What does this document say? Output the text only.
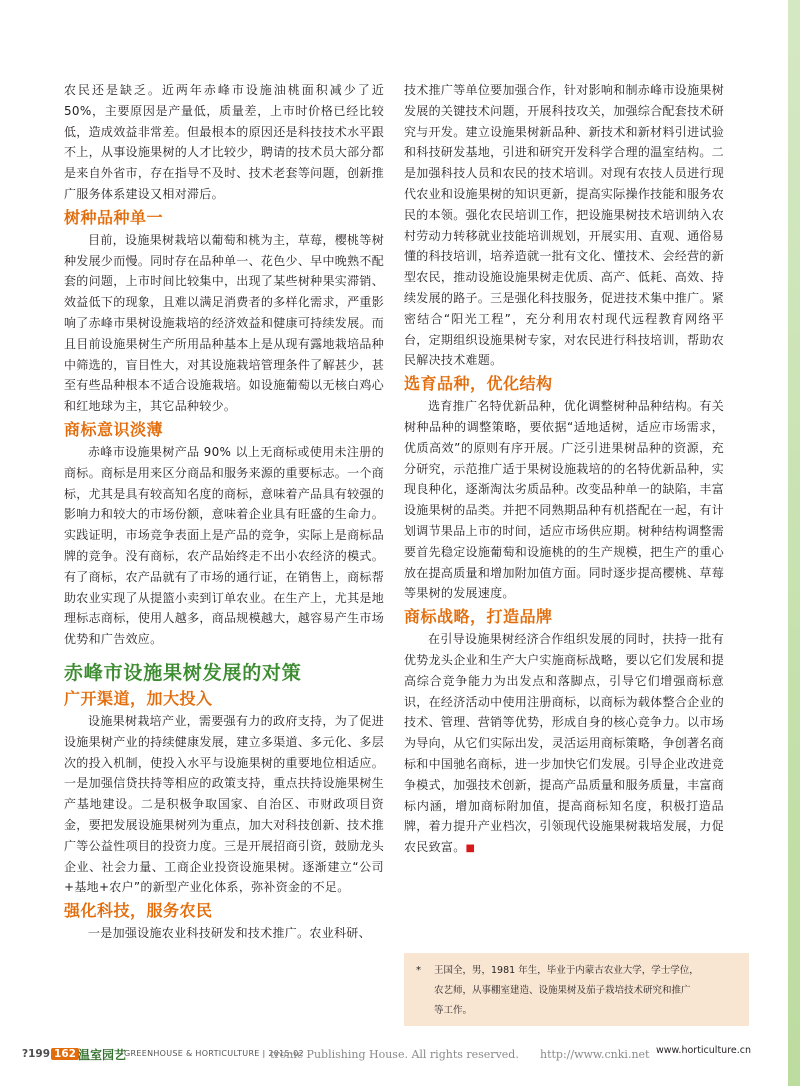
农民还是缺乏。近两年赤峰市设施油桃面积减少了近50%，主要原因是产量低，质量差，上市时价格已经比较低，造成效益非常差。但最根本的原因还是科技技术水平跟不上，从事设施果树的人才比较少，聘请的技术员大部分都是来自外省市，存在指导不及时、技术老套等问题，创新推广服务体系建设又相对滞后。

树种品种单一

目前，设施果树栽培以葡萄和桃为主，草莓，樱桃等树种发展少而慢。同时存在品种单一、花色少、早中晚熟不配套的问题，上市时间比较集中，出现了某些树种果实滞销、效益低下的现象，且难以满足消费者的多样化需求，严重影响了赤峰市果树设施栽培的经济效益和健康可持续发展。而且目前设施果树生产所用品种基本上是从现有露地栽培品种中筛选的，盲目性大，对其设施栽培管理条件了解甚少，甚至有些品种根本不适合设施栽培。如设施葡萄以无核白鸡心和红地球为主，其它品种较少。

商标意识淡薄

赤峰市设施果树产品 90% 以上无商标或使用未注册的商标。商标是用来区分商品和服务来源的重要标志。一个商标，尤其是具有较高知名度的商标，意味着产品具有较强的影响力和较大的市场份额，意味着企业具有旺盛的生命力。实践证明，市场竞争表面上是产品的竞争，实际上是商标品牌的竞争。没有商标，农产品始终走不出小农经济的模式。有了商标，农产品就有了市场的通行证，在销售上，商标帮助农业实现了从提篮小卖到订单农业。在生产上，尤其是地理标志商标，使用人越多，商品规模越大，越容易产生市场优势和广告效应。

赤峰市设施果树发展的对策
广开渠道，加大投入

设施果树栽培产业，需要强有力的政府支持，为了促进设施果树产业的持续健康发展，建立多渠道、多元化、多层次的投入机制，使投入水平与设施果树的重要地位相适应。一是加强信贷扶持等相应的政策支持，重点扶持设施果树生产基地建设。二是积极争取国家、自治区、市财政项目资金，要把发展设施果树列为重点，加大对科技创新、技术推广等公益性项目的投资力度。三是开展招商引资，鼓励龙头企业、社会力量、工商企业投资设施果树。逐渐建立“公司+基地+农户”的新型产业化体系，弥补资金的不足。

强化科技，服务农民

一是加强设施农业科技研发和技术推广。农业科研、

技术推广等单位要加强合作，针对影响和制赤峰市设施果树发展的关键技术问题，开展科技攻关，加强综合配套技术研究与开发。建立设施果树新品种、新技术和新材料引进试验和科技研发基地，引进和研究开发科学合理的温室结构。二是加强科技人员和农民的技术培训。对现有农技人员进行现代农业和设施果树的知识更新，提高实际操作技能和服务农民的本领。强化农民培训工作，把设施果树技术培训纳入农村劳动力转移就业技能培训规划，开展实用、直观、通俗易懂的科技培训，培养造就一批有文化、懂技术、会经营的新型农民，推动设施设施果树走优质、高产、低耗、高效、持续发展的路子。三是强化科技服务，促进技术集中推广。紧密结合“阳光工程”，充分利用农村现代远程教育网络平台，定期组织设施果树专家，对农民进行科技培训，帮助农民解决技术难题。

选育品种，优化结构

选育推广名特优新品种，优化调整树种品种结构。有关树种品种的调整策略，要依据“适地适树，适应市场需求，优质高效”的原则有序开展。广泛引进果树品种的资源，充分研究，示范推广适于果树设施栽培的的名特优新品种，实现良种化，逐渐淘汰劣质品种。改变品种单一的缺陷，丰富设施果树的品类。并把不同熟期品种有机搭配在一起，有计划调节果品上市的时间，适应市场供应期。树种结构调整需要首先稳定设施葡萄和设施桃的的生产规模，把生产的重心放在提高质量和增加附加值方面。同时逐步提高樱桃、草莓等果树的发展速度。

商标战略，打造品牌

在引导设施果树经济合作组织发展的同时，扶持一批有优势龙头企业和生产大户实施商标战略，要以它们发展和提高综合竞争能力为出发点和落脚点，引导它们增强商标意识，在经济活动中使用注册商标，以商标为载体整合企业的技术、管理、营销等优势，形成自身的核心竞争力。以市场为导向，从它们实际出发，灵活运用商标策略，争创著名商标和中国驰名商标，进一步加快它们发展。引导企业改进竞争模式，加强技术创新，提高产品质量和服务质量，丰富商标内涵，增加商标附加值，提高商标知名度，积极打造品牌，着力提升产业档次，引领现代设施果树栽培发展，力促农民致富。■

* 王国全，男，1981 年生，毕业于内蒙古农业大学，学士学位，
农艺师，从事棚室建造、设施果树及茄子栽培技术研究和推广
等工作。
?199 162 温室园艺
GREENHOUSE & HORTICULTURE | 2015-02
tronic Publishing House. All rights reserved. http://www.cnki.net www.horticulture.cn
